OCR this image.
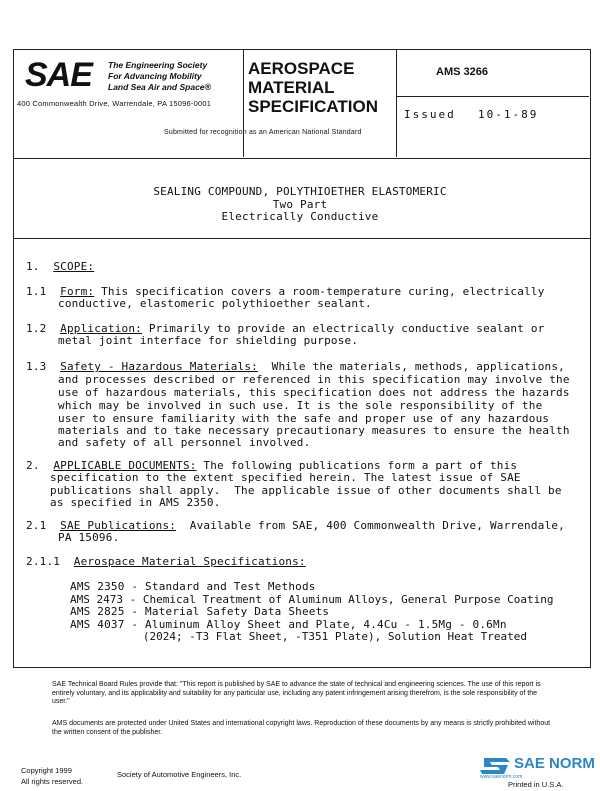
SAE The Engineering Society
For Advancing Mobility
Land Sea Air and Space®
400 Commonwealth Drive, Warrendale, PA 15096-0001
AEROSPACE
MATERIAL
SPECIFICATION
AMS 3266
Issued 10-1-89
Submitted for recognition as an American National Standard
SEALING COMPOUND, POLYTHIOETHER ELASTOMERIC
Two Part
Electrically Conductive
1. SCOPE:
1.1 Form: This specification covers a room-temperature curing, electrically
conductive, elastomeric polythioether sealant.
1.2 Application: Primarily to provide an electrically conductive sealant or
metal joint interface for shielding purpose.
1.3 Safety - Hazardous Materials:  While the materials, methods, applications,
and processes described or referenced in this specification may involve the
use of hazardous materials, this specification does not address the hazards
which may be involved in such use. It is the sole responsibility of the
user to ensure familiarity with the safe and proper use of any hazardous
materials and to take necessary precautionary measures to ensure the health
and safety of all personnel involved.
2. APPLICABLE DOCUMENTS: The following publications form a part of this
specification to the extent specified herein. The latest issue of SAE
publications shall apply.  The applicable issue of other documents shall be
as specified in AMS 2350.
2.1 SAE Publications:  Available from SAE, 400 Commonwealth Drive, Warrendale,
PA 15096.
2.1.1 Aerospace Material Specifications:
AMS 2350 - Standard and Test Methods
AMS 2473 - Chemical Treatment of Aluminum Alloys, General Purpose Coating
AMS 2825 - Material Safety Data Sheets
AMS 4037 - Aluminum Alloy Sheet and Plate, 4.4Cu - 1.5Mg - 0.6Mn
(2024; -T3 Flat Sheet, -T351 Plate), Solution Heat Treated
SAE Technical Board Rules provide that: "This report is published by SAE to advance the state of technical and engineering sciences. The use of this report is entirely voluntary, and its applicability and suitability for any particular use, including any patent infringement arising therefrom, is the sole responsibility of the user."
AMS documents are protected under United States and international copyright laws. Reproduction of these documents by any means is strictly prohibited without the written consent of the publisher.
Copyright 1999
All rights reserved.
Society of Automotive Engineers, Inc.
Printed in U.S.A.
SAE NORM
www.saenorm.com
